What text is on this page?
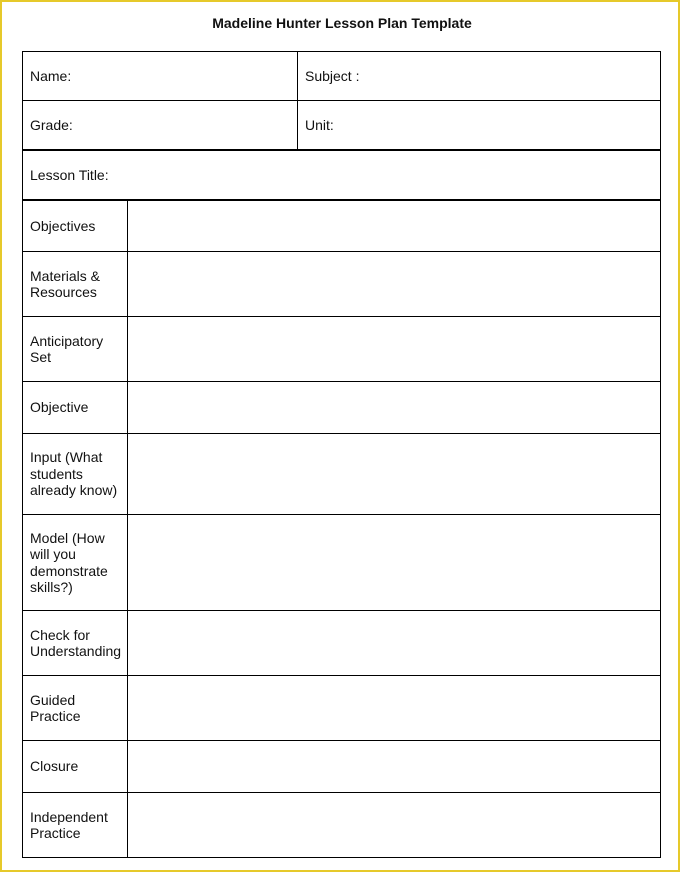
Madeline Hunter Lesson Plan Template
Name:	Subject :
Grade:	Unit:
Lesson Title:
Objectives
Materials &
Resources
Anticipatory
Set
Objective
Input (What
students
already know)
Model (How
will you
demonstrate
skills?)
Check for
Understanding
Guided
Practice
Closure
Independent
Practice
